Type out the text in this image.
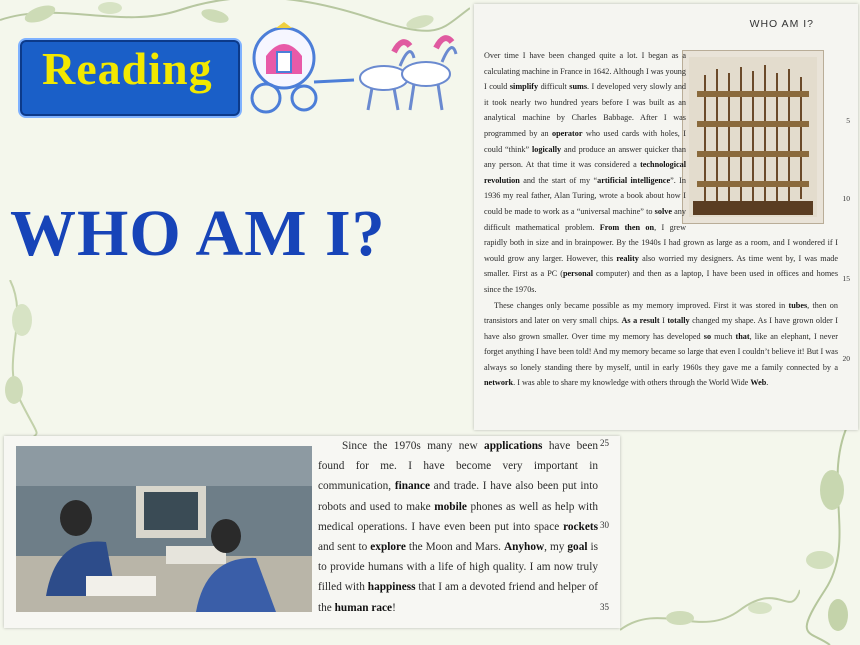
Reading
WHO AM I?
WHO AM I?

Over time I have been changed quite a lot. I began as a calculating machine in France in 1642. Although I was young I could simplify difficult sums. I developed very slowly and it took nearly two hundred years before I was built as an analytical machine by Charles Babbage. After I was programmed by an operator who used cards with holes, I could “think” logically and produce an answer quicker than any person. At that time it was considered a technological revolution and the start of my “artificial intelligence”. In 1936 my real father, Alan Turing, wrote a book about how I could be made to work as a “universal machine” to solve any difficult mathematical problem. From then on, I grew rapidly both in size and in brainpower. By the 1940s I had grown as large as a room, and I wondered if I would grow any larger. However, this reality also worried my designers. As time went by, I was made smaller. First as a PC (personal computer) and then as a laptop, I have been used in offices and homes since the 1970s.
These changes only became possible as my memory improved. First it was stored in tubes, then on transistors and later on very small chips. As a result I totally changed my shape. As I have grown older I have also grown smaller. Over time my memory has developed so much that, like an elephant, I never forget anything I have been told! And my memory became so large that even I couldn’t believe it! But I was always so lonely standing there by myself, until in early 1960s they gave me a family connected by a network. I was able to share my knowledge with others through the World Wide Web.

5
10
15
20

Since the 1970s many new applications have been found for me. I have become very important in communication, finance and trade. I have also been put into robots and used to make mobile phones as well as help with medical operations. I have even been put into space rockets and sent to explore the Moon and Mars. Anyhow, my goal is to provide humans with a life of high quality. I am now truly filled with happiness that I am a devoted friend and helper of the human race!

25
30
35
